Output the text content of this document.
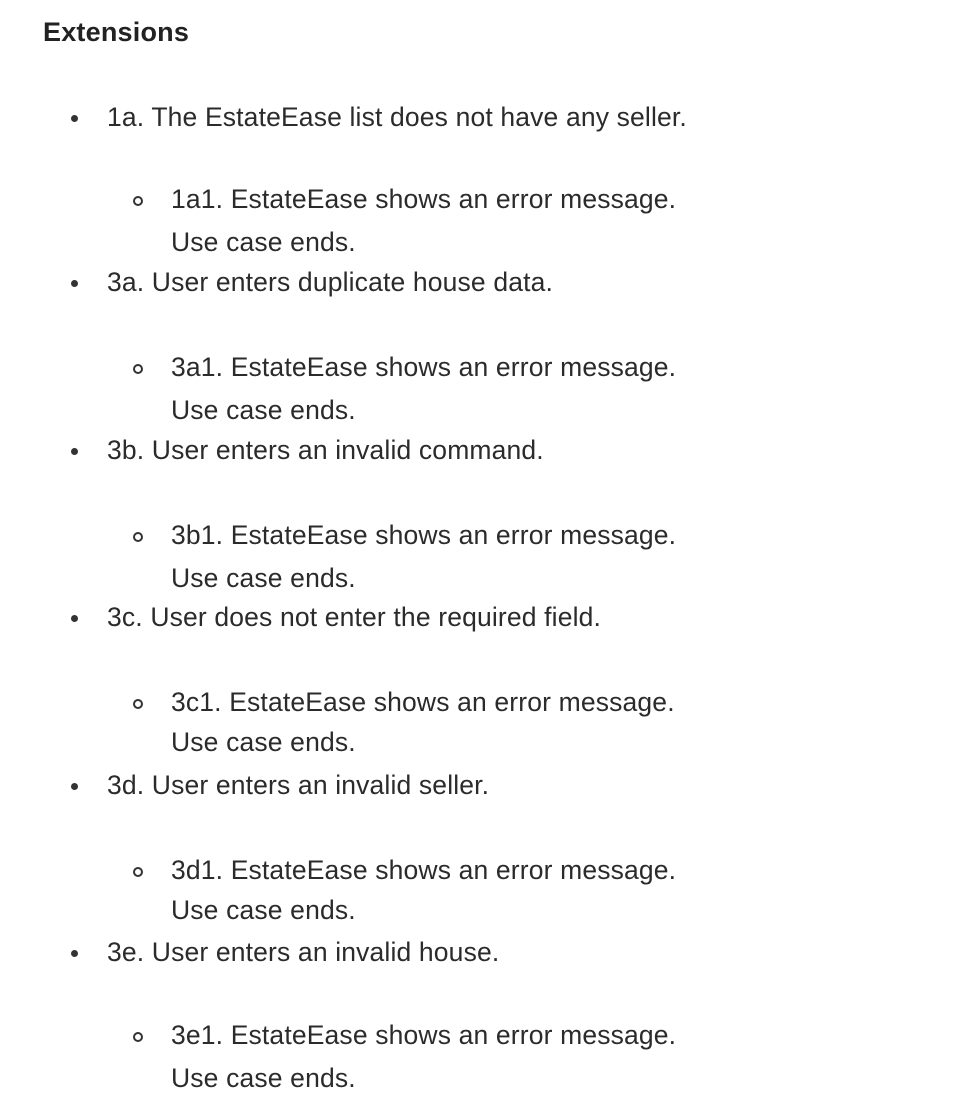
Extensions
1a. The EstateEase list does not have any seller.
1a1. EstateEase shows an error message.
Use case ends.
3a. User enters duplicate house data.
3a1. EstateEase shows an error message.
Use case ends.
3b. User enters an invalid command.
3b1. EstateEase shows an error message.
Use case ends.
3c. User does not enter the required field.
3c1. EstateEase shows an error message.
Use case ends.
3d. User enters an invalid seller.
3d1. EstateEase shows an error message.
Use case ends.
3e. User enters an invalid house.
3e1. EstateEase shows an error message.
Use case ends.
